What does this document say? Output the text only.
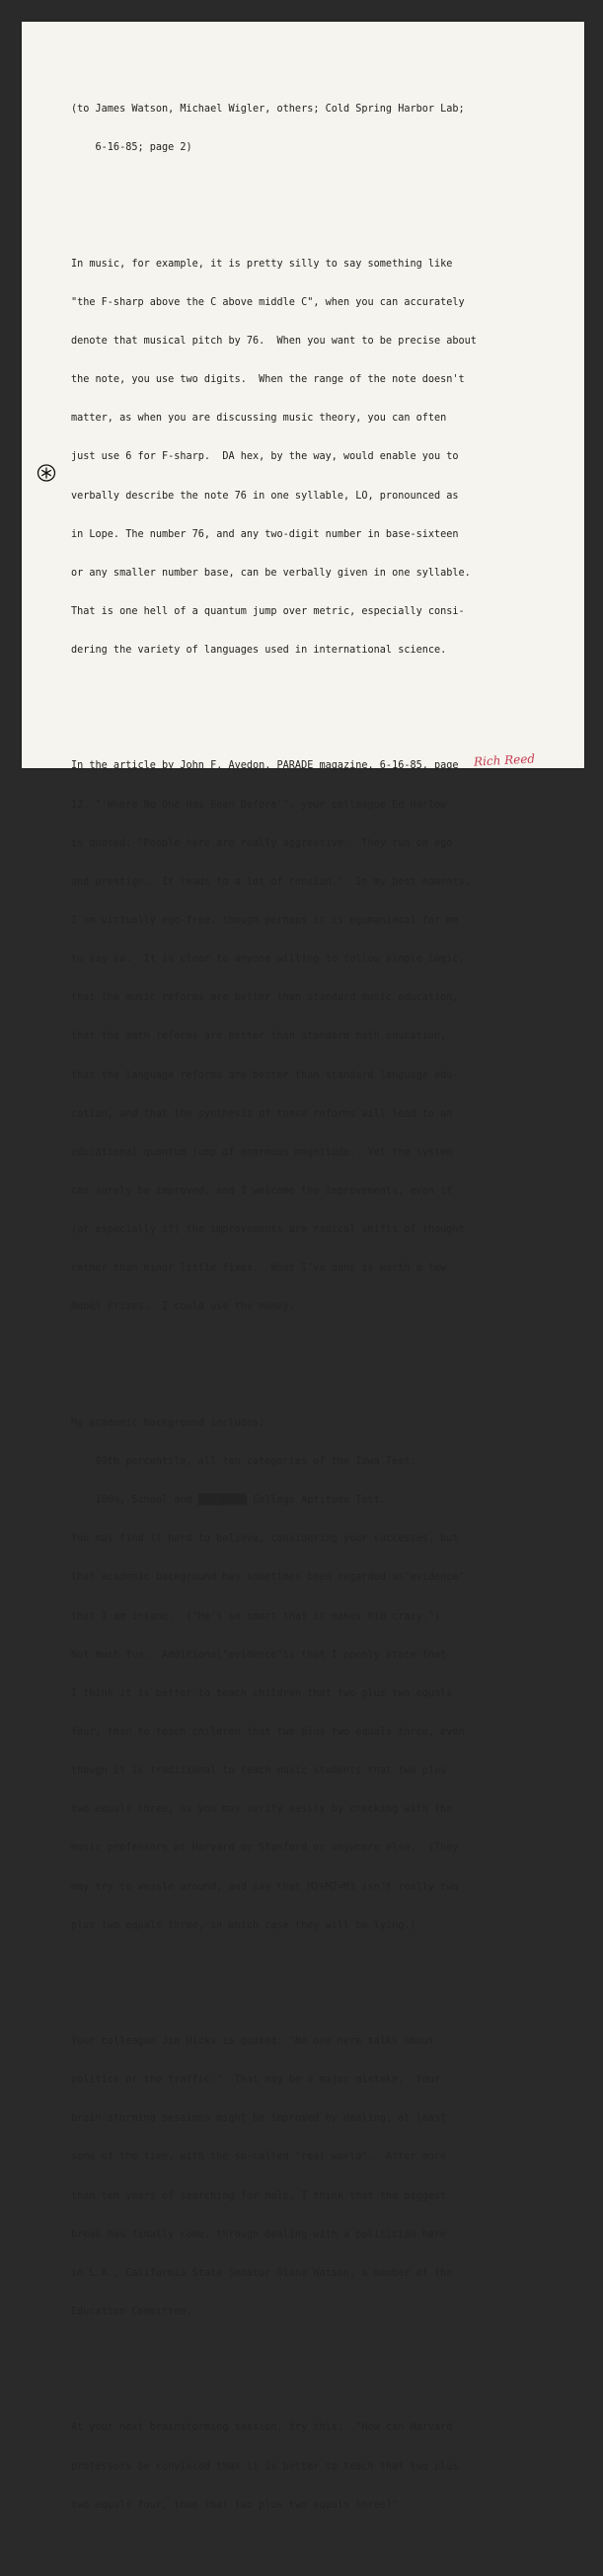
(to James Watson, Michael Wigler, others; Cold Spring Harbor Lab;

6-16-85; page 2)

In music, for example, it is pretty silly to say something like

"the F-sharp above the C above middle C", when you can accurately

denote that musical pitch by 76.  When you want to be precise about

the note, you use two digits.  When the range of the note doesn't

matter, as when you are discussing music theory, you can often

just use 6 for F-sharp.  DA hex, by the way, would enable you to

verbally describe the note 76 in one syllable, LO, pronounced as

in Lope. The number 76, and any two-digit number in base-sixteen

or any smaller number base, can be verbally given in one syllable.

That is one hell of a quantum jump over metric, especially consi-

dering the variety of languages used in international science.

In the article by John F. Avedon, PARADE magazine, 6-16-85, page

12, "'Where No One Has Been Before'", your colleague Ed Harlow

is quoted: "People here are really aggressive.  They run on ego

and prestige.  It leads to a lot of tension."  In my best moments,

I am virtually ego-free, though perhaps it is egomaniacal for me

to say so.  It is clear to anyone willing to follow simple logic,

that the music reforms are better than standard music education,

that the math reforms are better than standard math education,

that the language reforms are better than standard language edu-

cation, and that the synthesis of these reforms will lead to an

educational quantum jump of enormous magnitude.  Yet the system

can surely be improved, and I welcome the improvements, even if

(or especially if) the improvements are radical shifts of thought

rather than minor little fixes.  What I've done is worth a few

Nobel Prizes.  I could use the money.

My academic background includes:

99th percentile, all ten categories of the Iowa Test.

100%, School and ▓▓▓▓▓▓▓▓ College Aptitude Test.

You may find it hard to believe, considering your successes, but

that academic background has sometimes been regarded as"evidence"

that I am insane.  ("He's so smart that it makes him crazy.")

Not much fun.  Additional"evidence"is that I openly state that

I think it is better to teach children that two plus two equals

four, than to teach children that two plus two equals three, even

though it is traditional to teach music students that two plus

two equals three, as you may verify easily by checking with the

music professors at Harvard or Stanford or anywhere else.  (They

may try to weasle around, and say that M2+M2=M3 isn't really two

plus two equals three, in which case they will be lying.)

Your colleague Jim Hicks is quoted: "No one here talks about

politics or the traffic."  That may be a major mistake.  Your

brain-storming sessions might be improved by dealing, at least

some of the time, with the so-called "real world".  After more

than ten years of searching for help, I think that the biggest

break has finally come, through dealing with a politician here

in L.A., California State Senator Diane Watson, a member of the

Education Committee.

At your next brainstorming session, try this:  "How can Harvard

professors be convinced that it is better to teach that two plus

two equals four, than that two plus two equals three?"

Rich Reed
